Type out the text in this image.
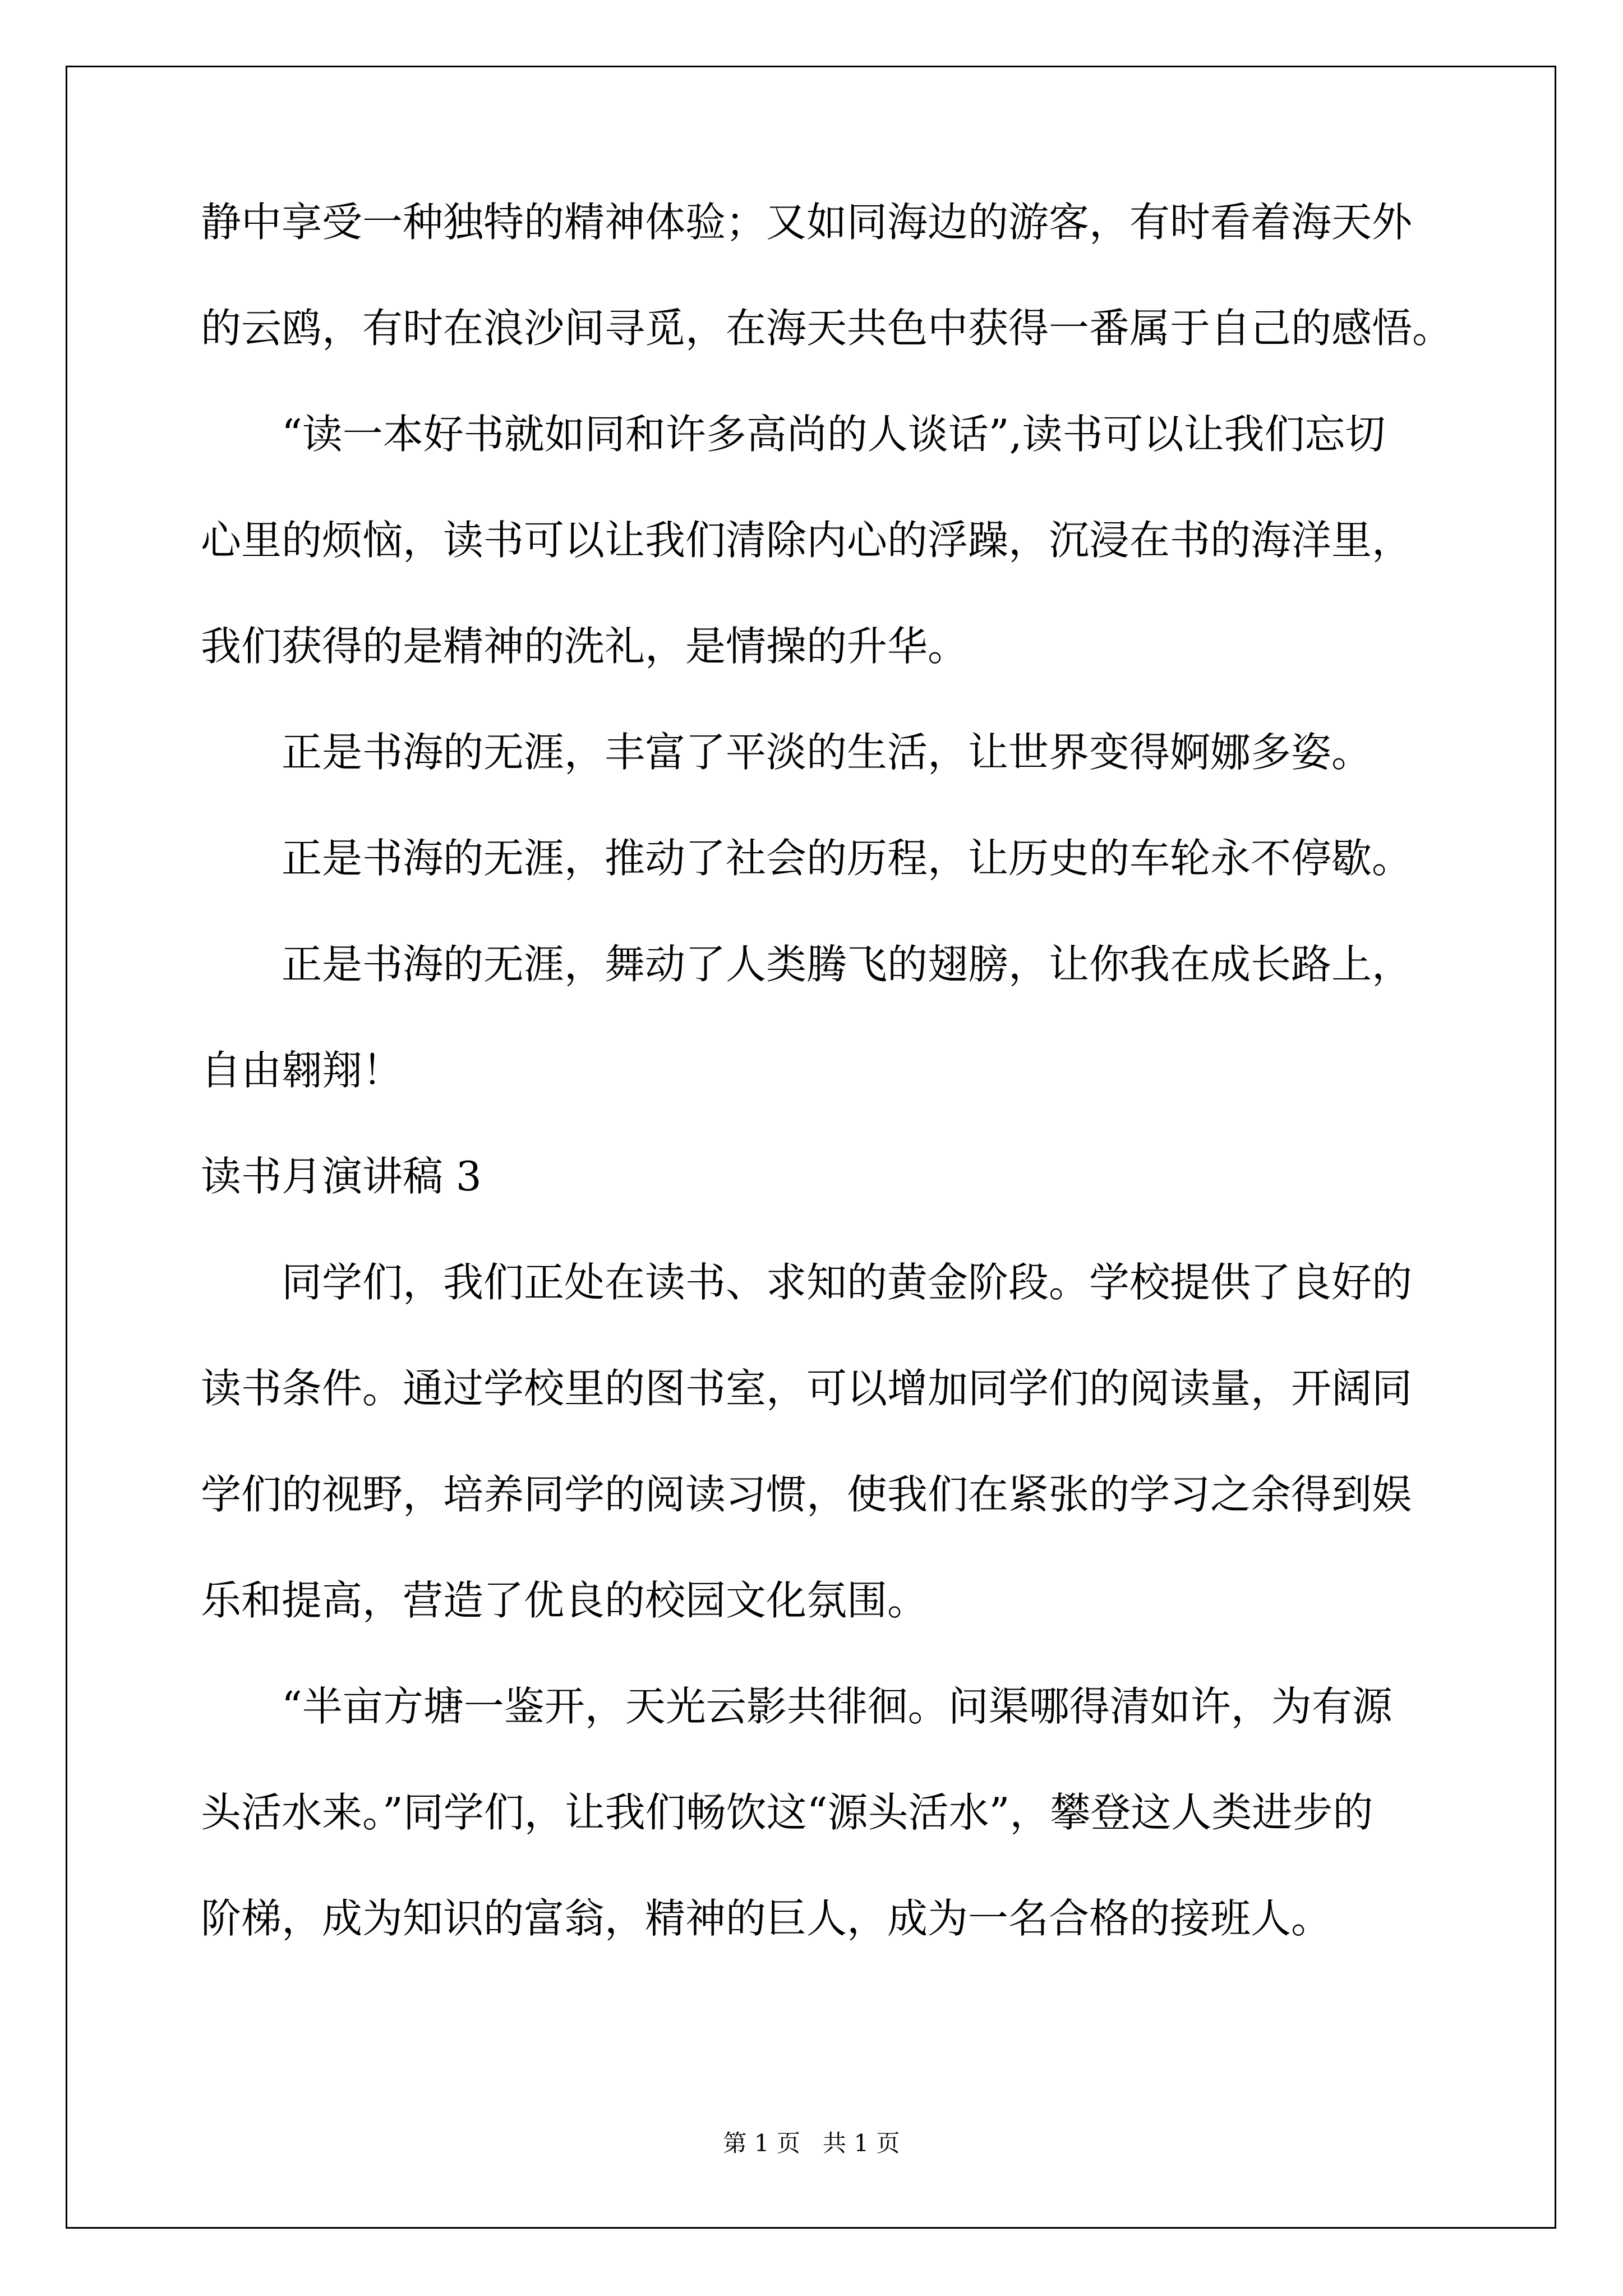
静中享受一种独特的精神体验；又如同海边的游客，有时看着海天外
的云鸥，有时在浪沙间寻觅，在海天共色中获得一番属于自己的感悟。
“读一本好书就如同和许多高尚的人谈话”,读书可以让我们忘切
心里的烦恼，读书可以让我们清除内心的浮躁，沉浸在书的海洋里，
我们获得的是精神的洗礼，是情操的升华。
正是书海的无涯，丰富了平淡的生活，让世界变得婀娜多姿。
正是书海的无涯，推动了社会的历程，让历史的车轮永不停歇。
正是书海的无涯，舞动了人类腾飞的翅膀，让你我在成长路上，
自由翱翔！
读书月演讲稿 3
同学们，我们正处在读书、求知的黄金阶段。学校提供了良好的
读书条件。通过学校里的图书室，可以增加同学们的阅读量，开阔同
学们的视野，培养同学的阅读习惯，使我们在紧张的学习之余得到娱
乐和提高，营造了优良的校园文化氛围。
“半亩方塘一鉴开，天光云影共徘徊。问渠哪得清如许，为有源
头活水来。”同学们，让我们畅饮这“源头活水”，攀登这人类进步的
阶梯，成为知识的富翁，精神的巨人，成为一名合格的接班人。
第 1 页   共 1 页
